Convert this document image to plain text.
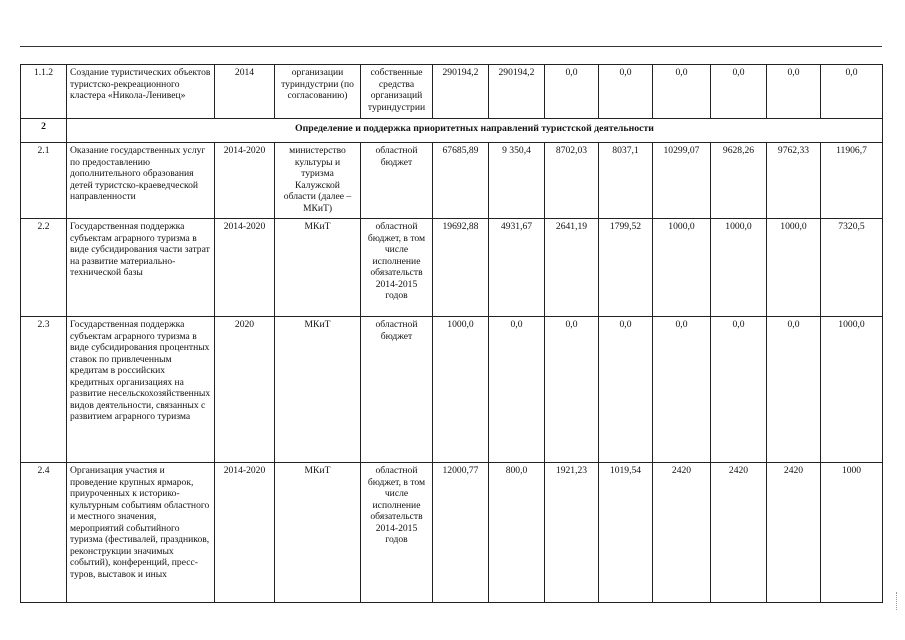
1.1.2	Создание туристических объектов туристско-рекреационного кластера «Никола-Ленивец»	2014	организации туриндустрии (по согласованию)	собственные средства организаций туриндустрии	290194,2	290194,2	0,0	0,0	0,0	0,0	0,0	0,0
2	Определение и поддержка приоритетных направлений туристской деятельности											
2.1	Оказание государственных услуг по предоставлению дополнительного образования детей туристско-краеведческой направленности	2014-2020	министерство культуры и туризма Калужской области (далее – МКиТ)	областной бюджет	67685,89	9 350,4	8702,03	8037,1	10299,07	9628,26	9762,33	11906,7
2.2	Государственная поддержка субъектам аграрного туризма в виде субсидирования части затрат на развитие материально-технической базы	2014-2020	МКиТ	областной бюджет, в том числе исполнение обязательств 2014-2015 годов	19692,88	4931,67	2641,19	1799,52	1000,0	1000,0	1000,0	7320,5
2.3	Государственная поддержка субъектам аграрного туризма в виде субсидирования процентных ставок по привлеченным кредитам в российских кредитных организациях на развитие несельскохозяйственных видов деятельности, связанных с развитием аграрного туризма	2020	МКиТ	областной бюджет	1000,0	0,0	0,0	0,0	0,0	0,0	0,0	1000,0
2.4	Организация участия и проведение крупных ярмарок, приуроченных к историко-культурным событиям областного и местного значения, мероприятий событийного туризма (фестивалей, праздников, реконструкции значимых событий), конференций, пресс-туров, выставок и иных	2014-2020	МКиТ	областной бюджет, в том числе исполнение обязательств 2014-2015 годов	12000,77	800,0	1921,23	1019,54	2420	2420	2420	1000
